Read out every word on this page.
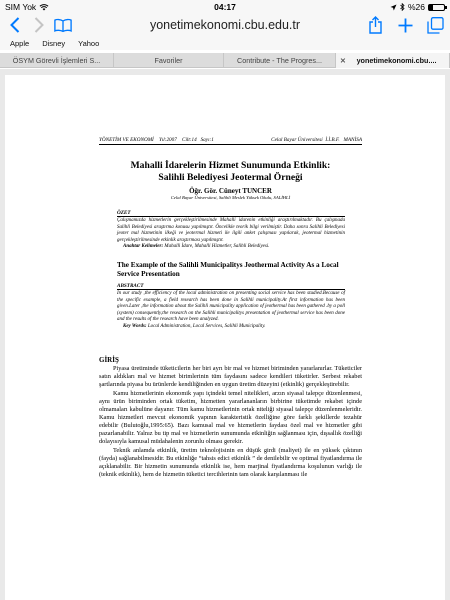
SIM Yok	04:17	%26
yonetimekonomi.cbu.edu.tr
Apple Disney Yahoo
ÖSYM Görevli İşlemleri S...	Favoriler	Contribute - The Progres...	✕	yonetimekonomi.cbu....
YÖNETİM VE EKONOMİ    Yıl:2007    Cilt:14   Sayı:1	Celal Bayar Üniversitesi  İ.İ.B.F.   MANİSA
Mahalli İdarelerin Hizmet Sunumunda Etkinlik:
Salihli Belediyesi Jeotermal Örneği
Öğr. Gör. Cüneyt TUNCER
Celal Bayar Üniversitesi, Salihli Meslek Yüksek Okulu, SALİHLİ
ÖZET
Çalışmamızda hizmetlerin gerçekleştirilmesinde Mahalli idarenin etkinliği araştırılmaktadır. Bu çalışmada Salihli Belediyesi araştırma konusu yapılmıştır. Öncelikle teorik bilgi verilmiştir. Daha sonra Salihli Belediyesi jeoter mal hizmetinin ilkeği ve jeotermal hizmeti ile ilgili anket çalışması yapılarak, jeotermal hizmetinin gerçekleştirilmesinde etkinlik araştırması yapılmıştır.
Anahtar Kelimeler: Mahalli İdare, Mahalli Hizmetler, Salihli Belediyesi.
The Example of the Salihli Municipalitys Jeothermal Activity As a Local Service Presentation
ABSTRACT
In our study ,the efficiency of the local administration on presenting social service has been studied.Because of the specific example, a field research has been done in Salihli municipality.At first information has been given.Later ,the information about the Salihli municipality application of jeothermal has been gathered .by a poll (system) consequently,the research on the Salihli municipalitys presentation of jeothermal service has been done and the results of the research have been analyzed.
Key Words: Local Administration, Local Services, Salihli Municipality.
GİRİŞ

Piyasa üretiminde tüketicilerin her biri ayrı bir mal ve hizmet biriminden yararlanırlar. Tüketiciler satın aldıkları mal ve hizmet birimlerinin tüm faydasını sadece kendileri tüketirler. Serbest rekabet şartlarında piyasa bu ürünlerde kendiliğinden en uygun üretim düzeyini (etkinlik) gerçekleştirebilir.

Kamu hizmetlerinin ekonomik yapı içindeki temel nitelikleri, arzın siyasal talepçe düzenlenmesi, aynı ürün biriminden ortak tüketim, hizmetten yararlananların birbirine tüketimde rekabet içinde olmamaları kabulüne dayanır. Tüm kamu hizmetlerinin ortak niteliği siyasal talepçe düzenlenmeleridir. Kamu hizmetleri mevcut ekonomik yapının karakteristik özelliğine göre farklı şekillerde tezahür edebilir (Bulutoğlu,1995:65). Bazı kamusal mal ve hizmetlerin faydası özel mal ve hizmetler gibi pazarlanabilir. Yalnız bu tip mal ve hizmetlerin sunumunda etkinliğin sağlanması için, dışsallık özelliği dolayısıyla kamusal müdahalenin zorunlu olması gerekir.

Teknik anlamda etkinlik, üretim teknolojisinin en düşük girdi (maliyet) ile en yüksek çıktının (fayda) sağlanabilmesidir. Bu etkinliğe “tahsis edici etkinlik ” de denilebilir ve optimal fiyatlandırma ile açıklanabilir. Bir hizmetin sunumunda etkinlik ise, hem marjinal fiyatlandırma koşulunun varlığı ile (teknik etkinlik), hem de hizmetin tüketici tercihlerinin tam olarak karşılanması ile
